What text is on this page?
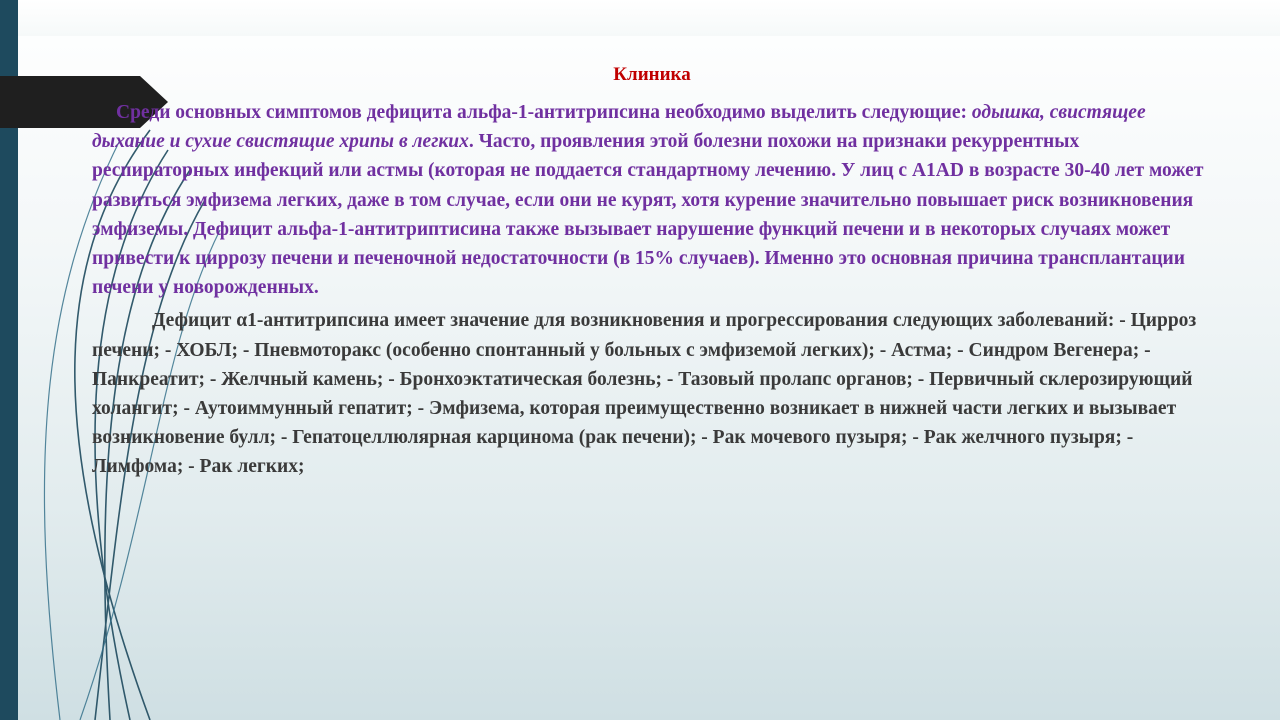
Клиника

Среди основных симптомов дефицита альфа-1-антитрипсина необходимо выделить следующие: одышка, свистящее дыхание и сухие свистящие хрипы в легких. Часто, проявления этой болезни похожи на признаки рекуррентных респираторных инфекций или астмы (которая не поддается стандартному лечению. У лиц с A1AD в возрасте 30-40 лет может развиться эмфизема легких, даже в том случае, если они не курят, хотя курение значительно повышает риск возникновения эмфиземы. Дефицит альфа-1-антитриптисина также вызывает нарушение функций печени и в некоторых случаях может привести к циррозу печени и печеночной недостаточности (в 15% случаев). Именно это основная причина трансплантации печени у новорожденных.

Дефицит α1-антитрипсина имеет значение для возникновения и прогрессирования следующих заболеваний: - Цирроз печени; - ХОБЛ; - Пневмоторакс (особенно спонтанный у больных с эмфиземой легких); - Астма; - Синдром Вегенера; - Панкреатит; - Желчный камень; - Бронхоэктатическая болезнь; - Тазовый пролапс органов; - Первичный склерозирующий холангит; - Аутоиммунный гепатит; - Эмфизема, которая преимущественно возникает в нижней части легких и вызывает возникновение булл; - Гепатоцеллюлярная карцинома (рак печени); - Рак мочевого пузыря; - Рак желчного пузыря; - Лимфома; - Рак легких;
